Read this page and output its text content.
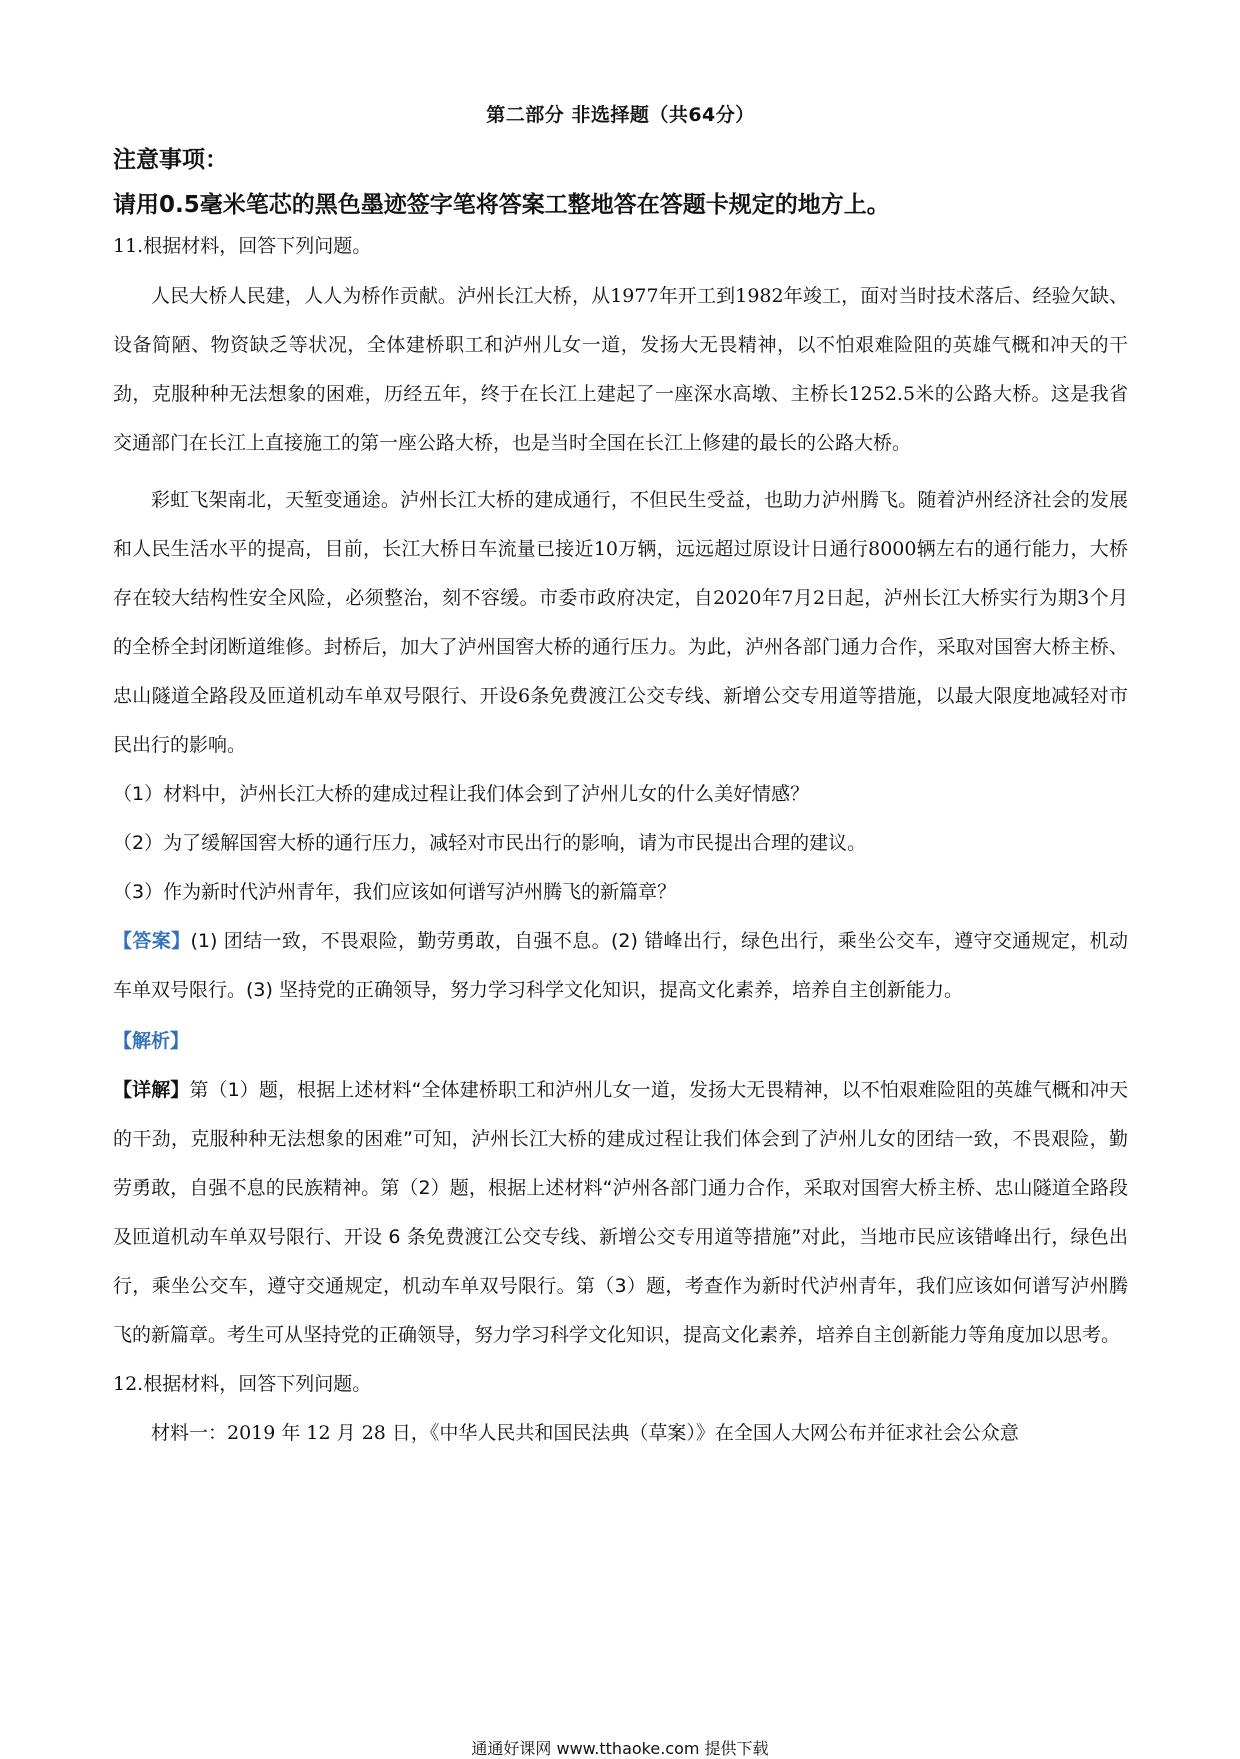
第二部分 非选择题（共64分）
注意事项：
请用0.5毫米笔芯的黑色墨迹签字笔将答案工整地答在答题卡规定的地方上。
11.根据材料，回答下列问题。

人民大桥人民建，人人为桥作贡献。泸州长江大桥，从1977年开工到1982年竣工，面对当时技术落后、经验欠缺、设备简陋、物资缺乏等状况，全体建桥职工和泸州儿女一道，发扬大无畏精神，以不怕艰难险阻的英雄气概和冲天的干劲，克服种种无法想象的困难，历经五年，终于在长江上建起了一座深水高墩、主桥长1252.5米的公路大桥。这是我省交通部门在长江上直接施工的第一座公路大桥，也是当时全国在长江上修建的最长的公路大桥。

彩虹飞架南北，天堑变通途。泸州长江大桥的建成通行，不但民生受益，也助力泸州腾飞。随着泸州经济社会的发展和人民生活水平的提高，目前，长江大桥日车流量已接近10万辆，远远超过原设计日通行8000辆左右的通行能力，大桥存在较大结构性安全风险，必须整治，刻不容缓。市委市政府决定，自2020年7月2日起，泸州长江大桥实行为期3个月的全桥全封闭断道维修。封桥后，加大了泸州国窖大桥的通行压力。为此，泸州各部门通力合作，采取对国窖大桥主桥、忠山隧道全路段及匝道机动车单双号限行、开设6条免费渡江公交专线、新增公交专用道等措施，以最大限度地减轻对市民出行的影响。

（1）材料中，泸州长江大桥的建成过程让我们体会到了泸州儿女的什么美好情感？

（2）为了缓解国窖大桥的通行压力，减轻对市民出行的影响，请为市民提出合理的建议。

（3）作为新时代泸州青年，我们应该如何谱写泸州腾飞的新篇章？

【答案】(1) 团结一致，不畏艰险，勤劳勇敢，自强不息。(2) 错峰出行，绿色出行，乘坐公交车，遵守交通规定，机动车单双号限行。(3) 坚持党的正确领导，努力学习科学文化知识，提高文化素养，培养自主创新能力。

【解析】

【详解】第（1）题，根据上述材料“全体建桥职工和泸州儿女一道，发扬大无畏精神，以不怕艰难险阻的英雄气概和冲天的干劲，克服种种无法想象的困难”可知，泸州长江大桥的建成过程让我们体会到了泸州儿女的团结一致，不畏艰险，勤劳勇敢，自强不息的民族精神。第（2）题，根据上述材料“泸州各部门通力合作，采取对国窖大桥主桥、忠山隧道全路段及匝道机动车单双号限行、开设 6 条免费渡江公交专线、新增公交专用道等措施”对此，当地市民应该错峰出行，绿色出行，乘坐公交车，遵守交通规定，机动车单双号限行。第（3）题，考查作为新时代泸州青年，我们应该如何谱写泸州腾飞的新篇章。考生可从坚持党的正确领导，努力学习科学文化知识，提高文化素养，培养自主创新能力等角度加以思考。

12.根据材料，回答下列问题。

材料一：2019 年 12 月 28 日，《中华人民共和国民法典（草案）》在全国人大网公布并征求社会公众意

通通好课网 www.tthaoke.com 提供下载
